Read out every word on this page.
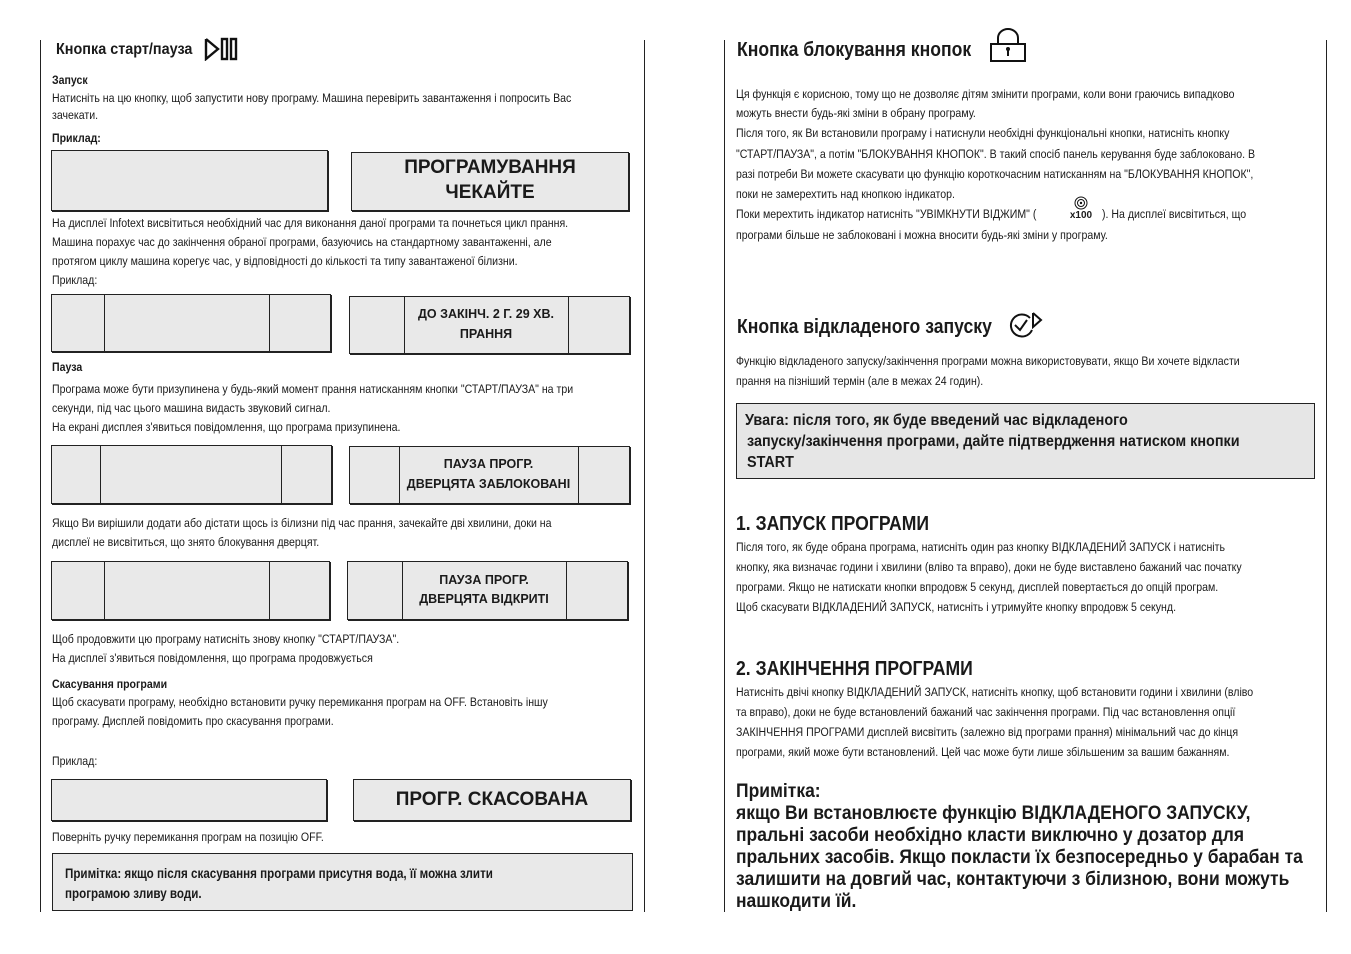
Кнопка старт/пауза
Запуск
Натисніть на цю кнопку, щоб запустити нову програму. Машина перевірить завантаження і попросить Вас
зачекати.
Приклад:
ПРОГРАМУВАННЯ
ЧЕКАЙТЕ
На дисплеї Infotext висвітиться необхідний час для виконання даної програми та почнеться цикл прання.
Машина порахує час до закінчення обраної програми, базуючись на стандартному завантаженні, але
протягом циклу машина корегує час, у відповідності до кількості та типу завантаженої білизни.
Приклад:
ДО ЗАКІНЧ. 2 Г. 29 ХВ.
ПРАННЯ
Пауза
Програма може бути призупинена у будь-який момент прання натисканням кнопки "СТАРТ/ПАУЗА" на три
секунди, під час цього машина видасть звуковий сигнал.
На екрані дисплея з'явиться повідомлення, що програма призупинена.
ПАУЗА ПРОГР.
ДВЕРЦЯТА ЗАБЛОКОВАНІ
Якщо Ви вирішили додати або дістати щось із білизни під час прання, зачекайте дві хвилини, доки на
дисплеї не висвітиться, що знято блокування дверцят.
ПАУЗА ПРОГР.
ДВЕРЦЯТА ВІДКРИТІ
Щоб продовжити цю програму натисніть знову кнопку "СТАРТ/ПАУЗА".
На дисплеї з'явиться повідомлення, що програма продовжується
Скасування програми
Щоб скасувати програму, необхідно встановити ручку перемикання програм на OFF. Встановіть іншу
програму. Дисплей повідомить про скасування програми.
Приклад:
ПРОГР. СКАСОВАНА
Поверніть ручку перемикання програм на позицію OFF.
Примітка: якщо після скасування програми присутня вода, її можна злити
програмою зливу води.
Кнопка блокування кнопок
Ця функція є корисною, тому що не дозволяє дітям змінити програми, коли вони граючись випадково
можуть внести будь-які зміни в обрану програму.
Після того, як Ви встановили програму і натиснули необхідні функціональні кнопки, натисніть кнопку
"СТАРТ/ПАУЗА", а потім "БЛОКУВАННЯ КНОПОК". В такий спосіб панель керування буде заблоковано. В
разі потреби Ви можете скасувати цю функцію короткочасним натисканням на "БЛОКУВАННЯ КНОПОК",
поки не замерехтить над кнопкою індикатор.
Поки мерехтить індикатор натисніть "УВІМКНУТИ ВІДЖИМ" (	x100 ). На дисплеї висвітиться, що
програми більше не заблоковані і можна вносити будь-які зміни у програму.
Кнопка відкладеного запуску
Функцію відкладеного запуску/закінчення програми можна використовувати, якщо Ви хочете відкласти
прання на пізніший термін (але в межах 24 годин).
Увага: після того, як буде введений час відкладеного
запуску/закінчення програми, дайте підтвердження натиском кнопки
START
1. ЗАПУСК ПРОГРАМИ
Після того, як буде обрана програма, натисніть один раз кнопку ВІДКЛАДЕНИЙ ЗАПУСК і натисніть
кнопку, яка визначає години і хвилини (вліво та вправо), доки не буде виставлено бажаний час початку
програми. Якщо не натискати кнопки впродовж 5 секунд, дисплей повертається до опцій програм.
Щоб скасувати ВІДКЛАДЕНИЙ ЗАПУСК, натисніть і утримуйте кнопку впродовж 5 секунд.
2. ЗАКІНЧЕННЯ ПРОГРАМИ
Натисніть двічі кнопку ВІДКЛАДЕНИЙ ЗАПУСК, натисніть кнопку, щоб встановити години і хвилини (вліво
та вправо), доки не буде встановлений бажаний час закінчення програми. Під час встановлення опції
ЗАКІНЧЕННЯ ПРОГРАМИ дисплей висвітить (залежно від програми прання) мінімальний час до кінця
програми, який може бути встановлений. Цей час може бути лише збільшеним за вашим бажанням.
Примітка:
якщо Ви встановлюєте функцію ВІДКЛАДЕНОГО ЗАПУСКУ,
пральні засоби необхідно класти виключно у дозатор для
пральних засобів. Якщо покласти їх безпосередньо у барабан та
залишити на довгий час, контактуючи з білизною, вони можуть
нашкодити їй.
